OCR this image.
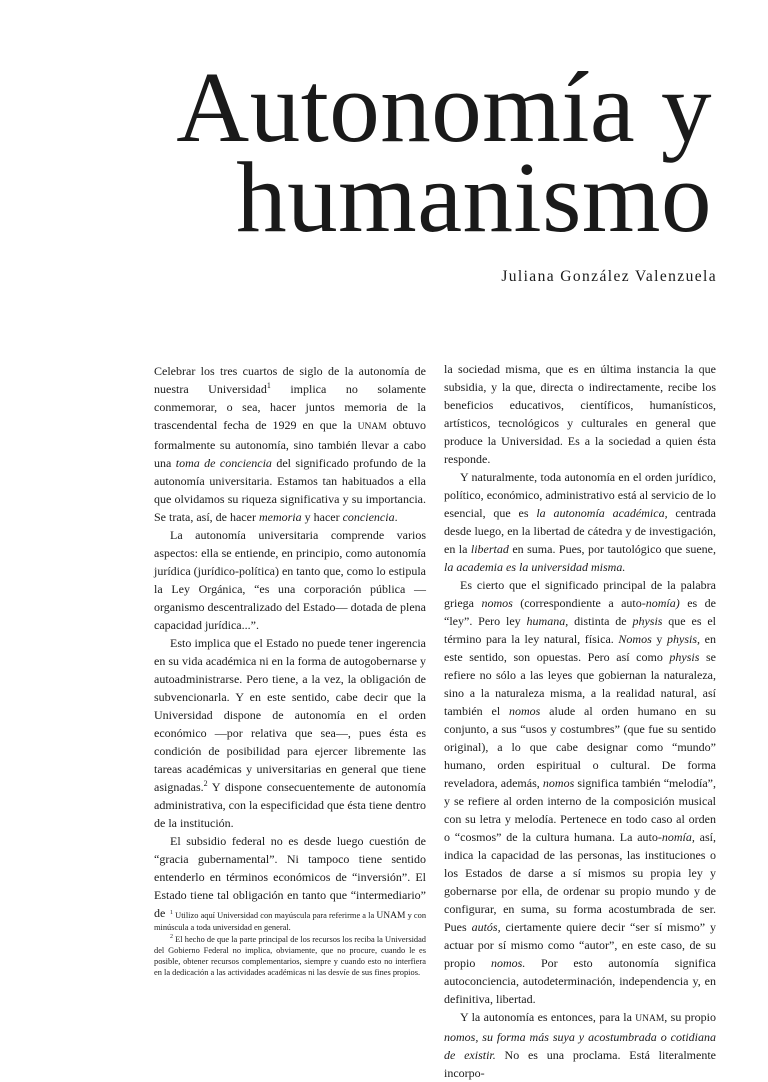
Autonomía y
humanismo
Juliana González Valenzuela

Celebrar los tres cuartos de siglo de la autonomía de nuestra Universidad$^1$ implica no solamente conmemorar, o sea, hacer juntos memoria de la trascendental fecha de 1929 en que la UNAM obtuvo formalmente su autonomía, sino también llevar a cabo una toma de conciencia del significado profundo de la autonomía universitaria. Estamos tan habituados a ella que olvidamos su riqueza significativa y su importancia. Se trata, así, de hacer memoria y hacer conciencia.

La autonomía universitaria comprende varios aspectos: ella se entiende, en principio, como autonomía jurídica (jurídico-política) en tanto que, como lo estipula la Ley Orgánica, “es una corporación pública —organismo descentralizado del Estado— dotada de plena capacidad jurídica...”.

Esto implica que el Estado no puede tener ingerencia en su vida académica ni en la forma de autogobernarse y autoadministrarse. Pero tiene, a la vez, la obligación de subvencionarla. Y en este sentido, cabe decir que la Universidad dispone de autonomía en el orden económico —por relativa que sea—, pues ésta es condición de posibilidad para ejercer libremente las tareas académicas y universitarias en general que tiene asignadas.$^2$ Y dispone consecuentemente de autonomía administrativa, con la especificidad que ésta tiene dentro de la institución.

El subsidio federal no es desde luego cuestión de “gracia gubernamental”. Ni tampoco tiene sentido entenderlo en términos económicos de “inversión”. El Estado tiene tal obligación en tanto que “intermediario” de $^1$ Utilizo aquí Universidad con mayúscula para referirme a la UNAM y con minúscula a toda universidad en general.

$^2$ El hecho de que la parte principal de los recursos los reciba la Universidad del Gobierno Federal no implica, obviamente, que no procure, cuando le es posible, obtener recursos complementarios, siempre y cuando esto no interfiera en la dedicación a las actividades académicas ni las desvíe de sus fines propios.

la sociedad misma, que es en última instancia la que subsidia, y la que, directa o indirectamente, recibe los beneficios educativos, científicos, humanísticos, artísticos, tecnológicos y culturales en general que produce la Universidad. Es a la sociedad a quien ésta responde.

Y naturalmente, toda autonomía en el orden jurídico, político, económico, administrativo está al servicio de lo esencial, que es la autonomía académica, centrada desde luego, en la libertad de cátedra y de investigación, en la libertad en suma. Pues, por tautológico que suene, la academia es la universidad misma.

Es cierto que el significado principal de la palabra griega nomos (correspondiente a auto-nomía) es de “ley”. Pero ley humana, distinta de physis que es el término para la ley natural, física. Nomos y physis, en este sentido, son opuestas. Pero así como physis se refiere no sólo a las leyes que gobiernan la naturaleza, sino a la naturaleza misma, a la realidad natural, así también el nomos alude al orden humano en su conjunto, a sus “usos y costumbres” (que fue su sentido original), a lo que cabe designar como “mundo” humano, orden espiritual o cultural. De forma reveladora, además, nomos significa también “melodía”, y se refiere al orden interno de la composición musical con su letra y melodía. Pertenece en todo caso al orden o “cosmos” de la cultura humana. La auto-nomía, así, indica la capacidad de las personas, las instituciones o los Estados de darse a sí mismos su propia ley y gobernarse por ella, de ordenar su propio mundo y de configurar, en suma, su forma acostumbrada de ser. Pues autós, ciertamente quiere decir “ser sí mismo” y actuar por sí mismo como “autor”, en este caso, de su propio nomos. Por esto autonomía significa autoconciencia, autodeterminación, independencia y, en definitiva, libertad.

Y la autonomía es entonces, para la UNAM, su propio nomos, su forma más suya y acostumbrada o cotidiana de existir. No es una proclama. Está literalmente incorpo-
